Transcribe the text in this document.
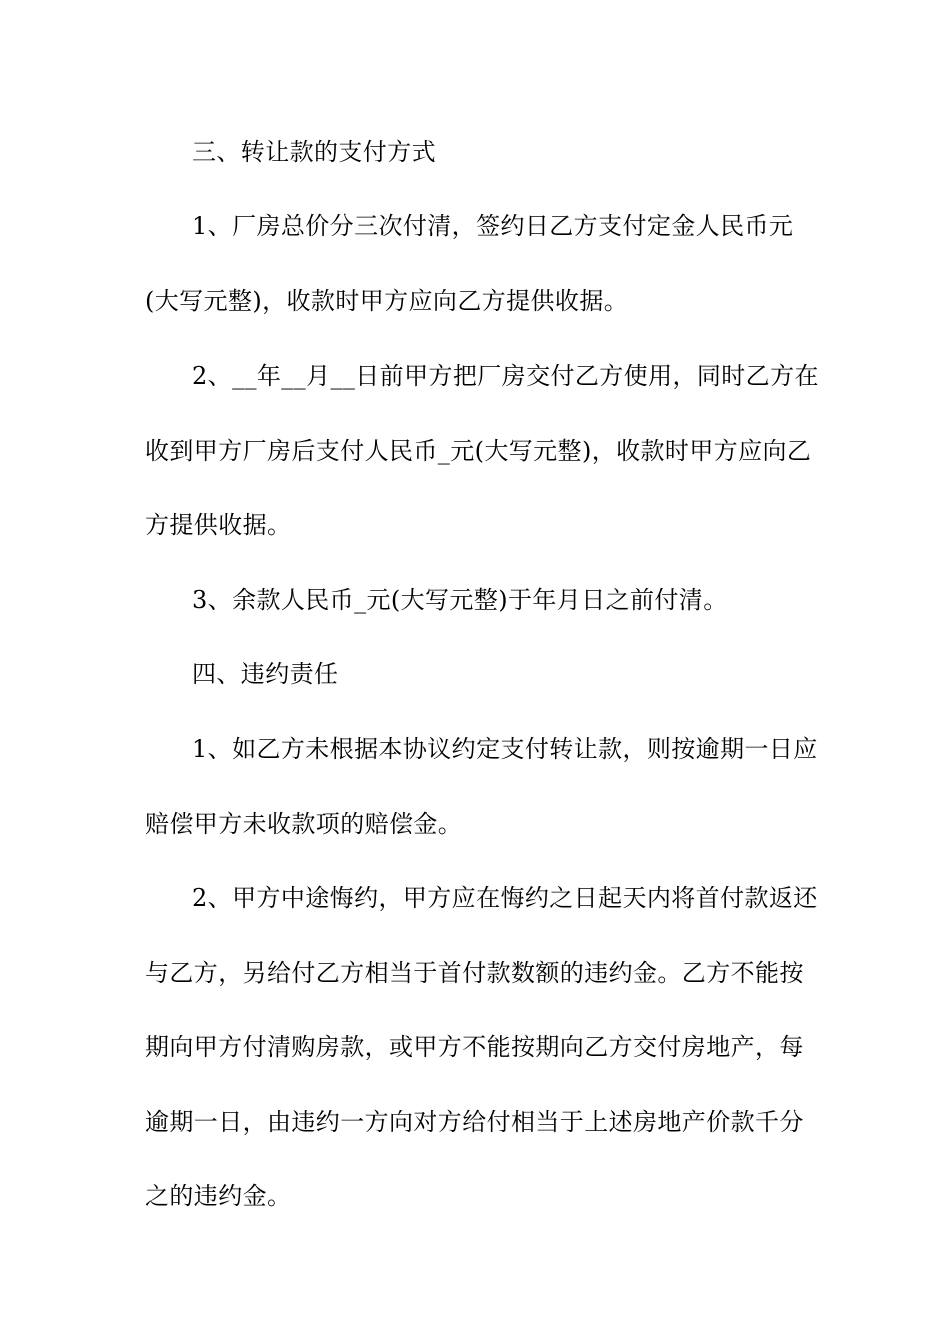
三、转让款的支付方式
1、厂房总价分三次付清，签约日乙方支付定金人民币元
(大写元整)，收款时甲方应向乙方提供收据。
2、__年__月__日前甲方把厂房交付乙方使用，同时乙方在
收到甲方厂房后支付人民币_元(大写元整)，收款时甲方应向乙
方提供收据。
3、余款人民币_元(大写元整)于年月日之前付清。
四、违约责任
1、如乙方未根据本协议约定支付转让款，则按逾期一日应
赔偿甲方未收款项的赔偿金。
2、甲方中途悔约，甲方应在悔约之日起天内将首付款返还
与乙方，另给付乙方相当于首付款数额的违约金。乙方不能按
期向甲方付清购房款，或甲方不能按期向乙方交付房地产，每
逾期一日，由违约一方向对方给付相当于上述房地产价款千分
之的违约金。
